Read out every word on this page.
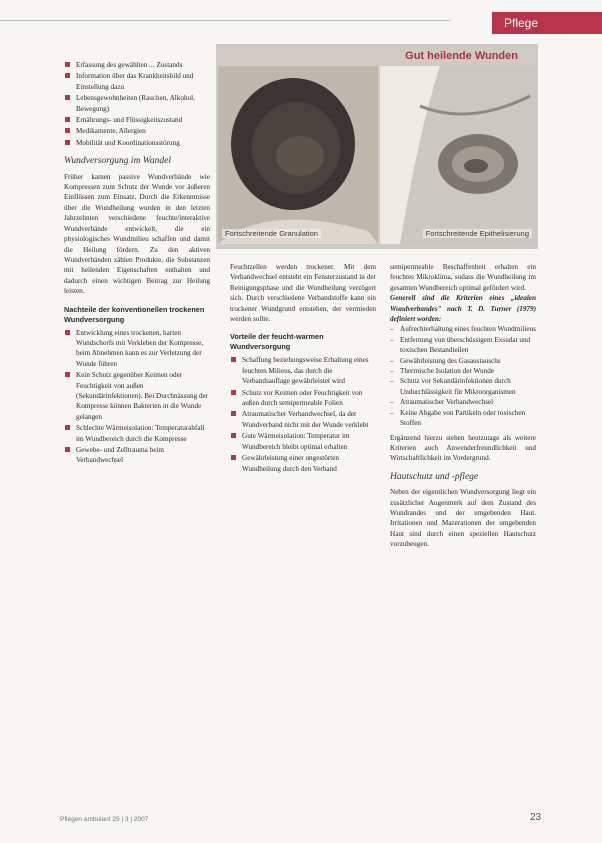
Pflege
Erfassung des gewählten ... Zustands
Information über das Krankheitsbild und Einstellung dazu
Lebensgewohnheiten (Rauchen, Alkohol, Bewegung)
Ernährungs- und Flüssigkeitszustand
Medikamente, Allergien
Mobilität und Koordinationsstörung
Wundversorgung im Wandel

Früher kamen passive Wundverbände wie Kompressen zum Schutz der Wunde vor äußeren Einflüssen zum Einsatz. Durch die Erkenntnisse über die Wundheilung wurden in den letzten Jahrzehnten verschiedene feuchte/interaktive Wundverbände entwickelt, die ein physiologisches Wundmilieu schaffen und damit die Heilung fördern. Zu den aktiven Wundverbänden zählen Produkte, die Substanzen mit heilenden Eigenschaften enthalten und dadurch einen wichtigen Beitrag zur Heilung leisten.

Nachteile der konventionellen trockenen Wundversorgung
Entwicklung eines trockenen, harten Wundschorfs mit Verkleben der Kompresse, beim Abnehmen kann es zur Verletzung der Wunde führen
Kein Schutz gegenüber Keimen oder Feuchtigkeit von außen (Sekundärinfektionen). Bei Durchnässung der Kompresse können Bakterien in die Wunde gelangen
Schlechte Wärmeisolation: Temperaturabfall im Wundbereich durch die Kompresse
Gewebe- und Zelltrauma beim Verbandwechsel
Gut heilende Wunden
Fortschreitende Granulation	Fortschreitende Epithelisierung

Feuchtzellen werden trockener. Mit dem Verbandwechsel entsteht ein Fensterzustand in der Reinigungsphase und die Wundheilung verzögert sich. Durch verschiedene Verbandstoffe kann ein trockener Wundgrund entstehen, der vermieden werden sollte.

Vorteile der feucht-warmen Wundversorgung
Schaffung beziehungsweise Erhaltung eines feuchten Milieus, das durch die Verbandsauflage gewährleistet wird
Schutz vor Keimen oder Feuchtigkeit von außen durch semipermeable Folien
Atraumatischer Verbandwechsel, da der Wundverband nicht mit der Wunde verklebt
Gute Wärmeisolation: Temperatur im Wundbereich bleibt optimal erhalten
Gewährleistung einer ungestörten Wundheilung durch den Verband

semipermeable Beschaffenheit erhalten ein feuchtes Mikroklima, sodass die Wundheilung im gesamten Wundbereich optimal gefördert wird.

Generell sind die Kriterien eines „idealen Wundverbandes" nach T. D. Turner (1979) definiert worden:

– Aufrechterhaltung eines feuchten Wundmilieus
– Entfernung von überschüssigem Exsudat und toxischen Bestandteilen
– Gewährleistung des Gasaustauschs
– Thermische Isolation der Wunde
– Schutz vor Sekundärinfektionen durch Undurchlässigkeit für Mikroorganismen
– Atraumatischer Verbandwechsel
– Keine Abgabe von Partikeln oder toxischen Stoffen

Ergänzend hierzu stehen heutzutage als weitere Kriterien auch Anwenderfreundlichkeit und Wirtschaftlichkeit im Vordergrund.

Hautschutz und -pflege

Neben der eigentlichen Wundversorgung liegt ein zusätzlicher Augenmerk auf dem Zustand des Wundrandes und der umgebenden Haut. Irritationen und Mazerationen der umgebenden Haut sind durch einen speziellen Hautschutz vorzubeugen.

Pflegen ambulant 25 | 3 | 2007	23
